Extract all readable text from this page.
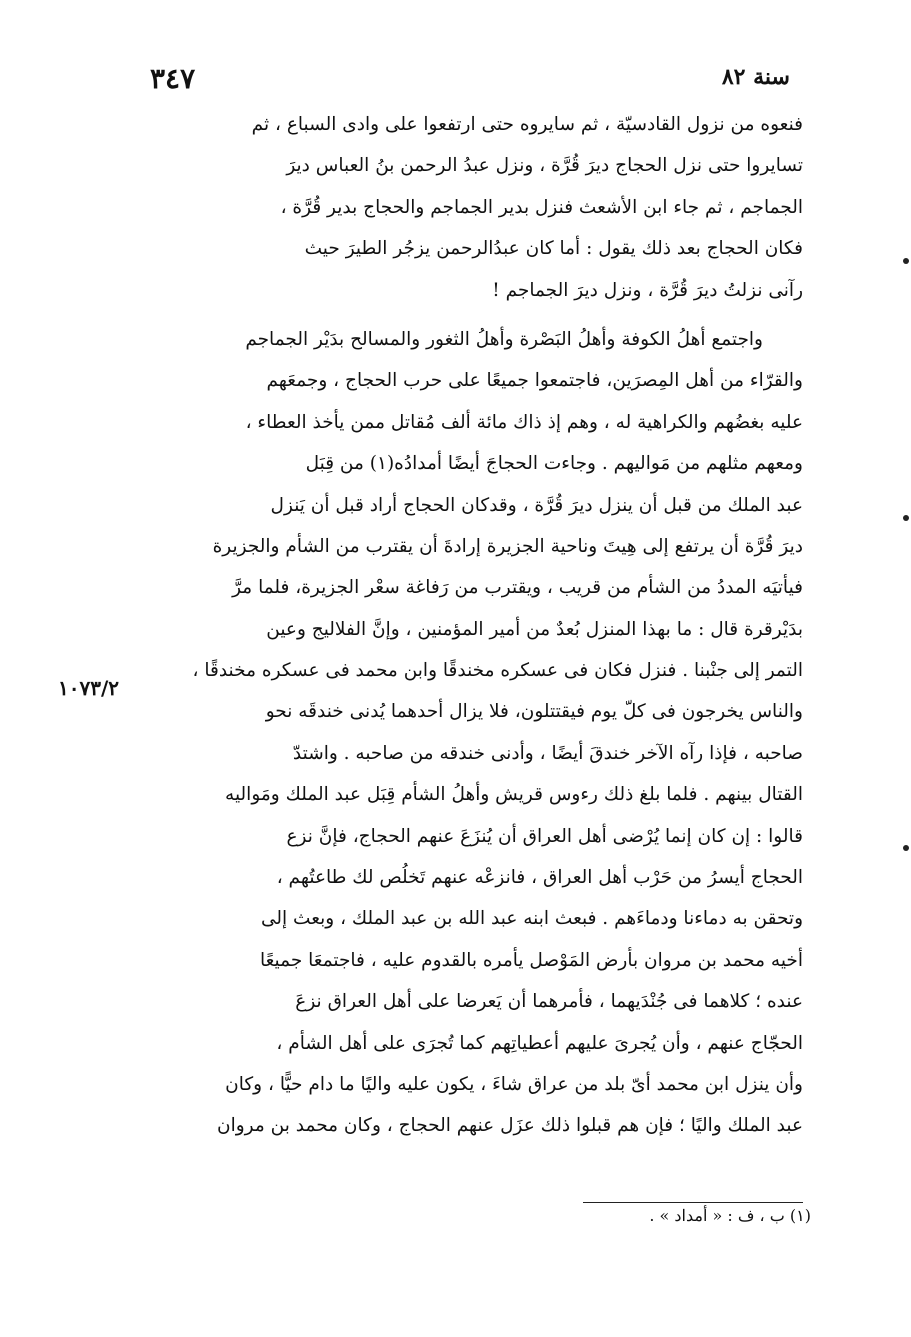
سنة ٨٢
٣٤٧
فنعوه من نزول القادسيّة ، ثم سايروه حتى ارتفعوا على وادى السباع ، ثم
تسايروا حتى نزل الحجاج ديرَ قُرَّة ، ونزل عبدُ الرحمن بنُ العباس ديرَ
الجماجم ، ثم جاء ابن الأشعث فنزل بدير الجماجم والحجاج بدير قُرَّة ،
فكان الحجاج بعد ذلك يقول : أما كان عبدُالرحمن يزجُر الطيرَ حيث
رآنى نزلتُ ديرَ قُرَّة ، ونزل ديرَ الجماجم !
واجتمع أهلُ الكوفة وأهلُ البَصْرة وأهلُ الثغور والمسالح بدَيْر الجماجم
والقرّاء من أهل المِصرَين، فاجتمعوا جميعًا على حرب الحجاج ، وجمعَهم
عليه بغضُهم والكراهية له ، وهم إذ ذاك مائة ألف مُقاتل ممن يأخذ العطاء ،
ومعهم مثلهم من مَواليهم . وجاءت الحجاجَ أيضًا أمدادُه(١) من قِبَل
عبد الملك من قبل أن ينزل ديرَ قُرَّة ، وقدكان الحجاج أراد قبل أن يَنزل
ديرَ قُرَّة أن يرتفع إلى هِيتَ وناحية الجزيرة إرادةَ أن يقترب من الشأم والجزيرة
فيأتيَه المددُ من الشأم من قريب ، ويقترب من رَفاغة سعْر الجزيرة، فلما مرَّ
بدَيْرقرة قال : ما بهذا المنزل بُعدٌ من أمير المؤمنين ، وإنَّ الفلاليج وعين
التمر إلى جنْبنا . فنزل فكان فى عسكره مخندقًا وابن محمد فى عسكره مخندقًا ،
والناس يخرجون فى كلّ يوم فيقتتلون، فلا يزال أحدهما يُدنى خندقَه نحو
صاحبه ، فإذا رآه الآخر خندقَ أيضًا ، وأدنى خندقه من صاحبه . واشتدّ
القتال بينهم . فلما بلغ ذلك رءوس قريش وأهلُ الشأم قِبَل عبد الملك ومَواليه
قالوا : إن كان إنما يُرْضى أهل العراق أن يُنزَعَ عنهم الحجاج، فإنَّ نزع
الحجاج أيسرُ من حَرْب أهل العراق ، فانزعْه عنهم تَخلُص لك طاعتُهم ،
وتحقن به دماءنا ودماءَهم . فبعث ابنه عبد الله بن عبد الملك ، وبعث إلى
أخيه محمد بن مروان بأرض المَوْصل يأمره بالقدوم عليه ، فاجتمعَا جميعًا
عنده ؛ كلاهما فى جُنْدَيهما ، فأمرهما أن يَعرضا على أهل العراق نزعَ
الحجّاج عنهم ، وأن يُجرىَ عليهم أعطياتِهم كما تُجرَى على أهل الشأم ،
وأن ينزل ابن محمد أىّ بلد من عراق شاءَ ، يكون عليه واليًا ما دام حيًّا ، وكان
عبد الملك واليًا ؛ فإن هم قبلوا ذلك عزَل عنهم الحجاج ، وكان محمد بن مروان
١٠٧٣/٢
(١) ب ، ف : « أمداد » .
